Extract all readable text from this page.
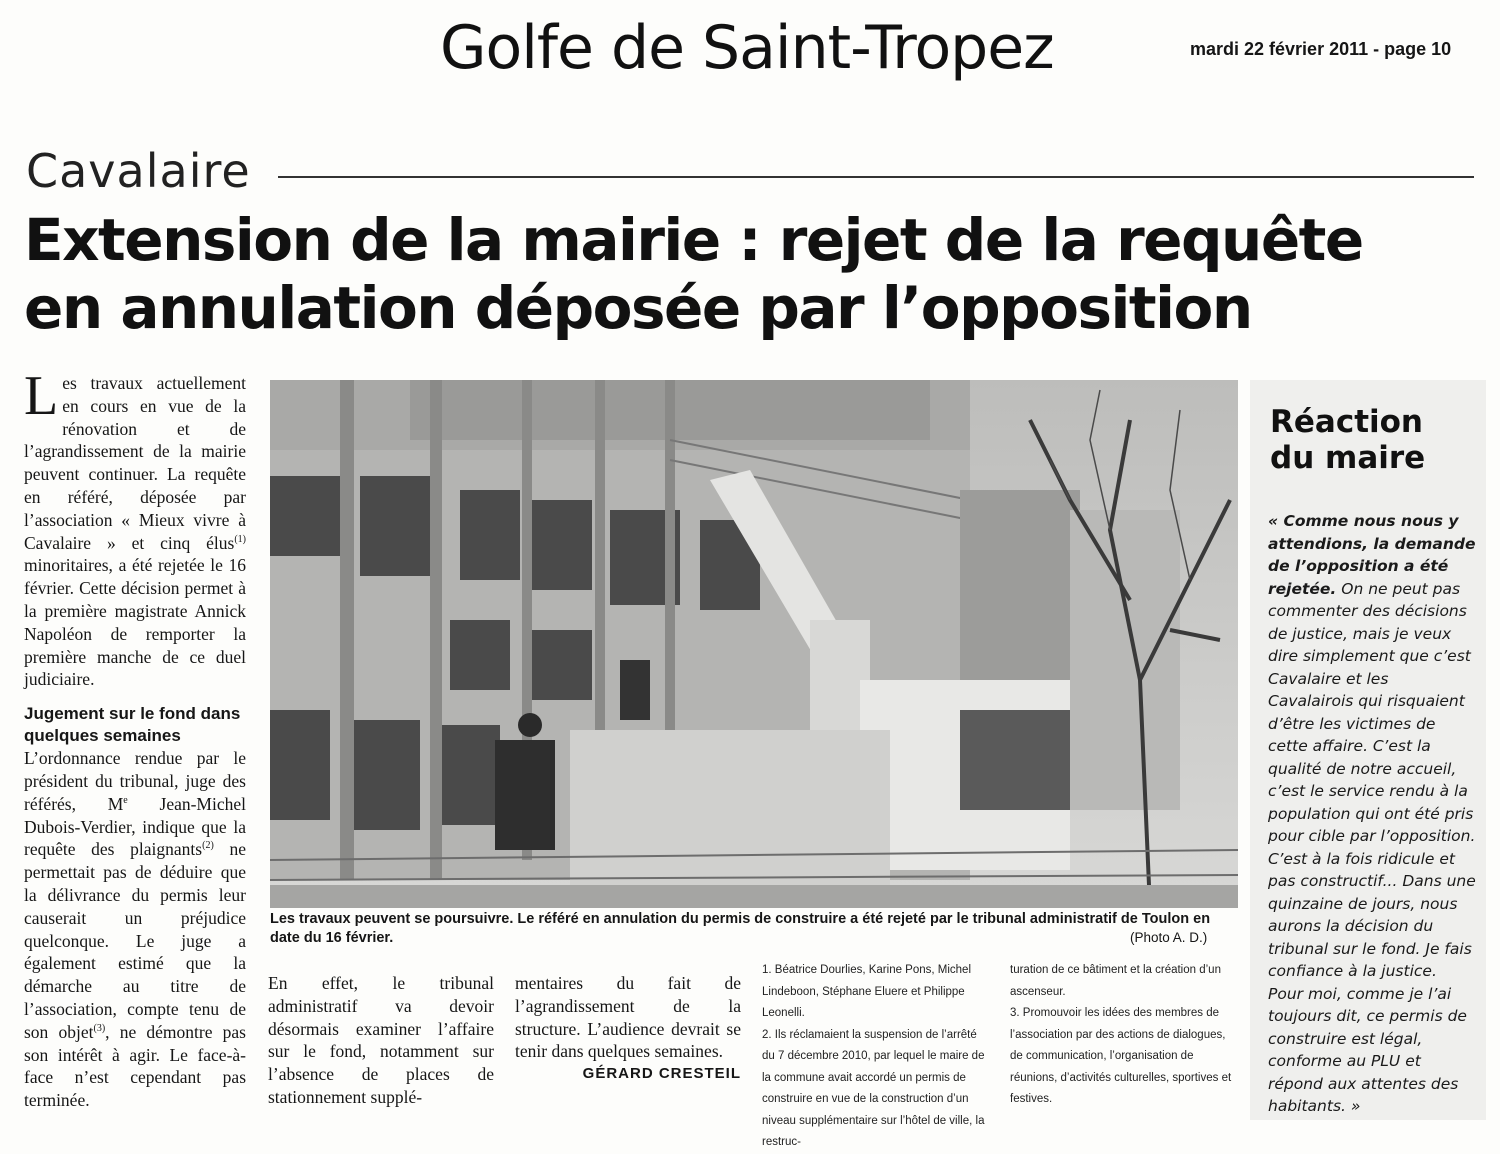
Golfe de Saint-Tropez	mardi 22 février 2011 - page 10
Cavalaire
Extension de la mairie : rejet de la requête
en annulation déposée par l’opposition

Les travaux actuellement en cours en vue de la rénovation et de l’agrandissement de la mairie peuvent continuer. La requête en référé, déposée par l’association « Mieux vivre à Cavalaire » et cinq élus$^{(1)}$ minoritaires, a été rejetée le 16 février. Cette décision permet à la première magistrate Annick Napoléon de remporter la première manche de ce duel judiciaire.

Jugement sur le fond dans quelques semaines

L’ordonnance rendue par le président du tribunal, juge des référés, Me Jean-Michel Dubois-Verdier, indique que la requête des plaignants$^{(2)}$ ne permettait pas de déduire que la délivrance du permis leur causerait un préjudice quelconque. Le juge a également estimé que la démarche au titre de l’association, compte tenu de son objet$^{(3)}$, ne démontre pas son intérêt à agir. Le face-à-face n’est cependant pas terminée.

Les travaux peuvent se poursuivre. Le référé en annulation du permis de construire a été rejeté par le tribunal administratif de Toulon en date du 16 février.	(Photo A. D.)

En effet, le tribunal administratif va devoir désormais examiner l’affaire sur le fond, notamment sur l’absence de places de stationnement supplé-

mentaires du fait de l’agrandissement de la structure. L’audience devrait se tenir dans quelques semaines.

GÉRARD CRESTEIL

1. Béatrice Dourlies, Karine Pons, Michel Lindeboon, Stéphane Eluere et Philippe Leonelli.

2. Ils réclamaient la suspension de l’arrêté du 7 décembre 2010, par lequel le maire de la commune avait accordé un permis de construire en vue de la construction d’un niveau supplémentaire sur l’hôtel de ville, la restruc-

turation de ce bâtiment et la création d’un ascenseur.

3. Promouvoir les idées des membres de l’association par des actions de dialogues, de communication, l’organisation de réunions, d’activités culturelles, sportives et festives.

Réaction
du maire
« Comme nous nous y attendions, la demande de l’opposition a été rejetée. On ne peut pas commenter des décisions de justice, mais je veux dire simplement que c’est Cavalaire et les Cavalairois qui risquaient d’être les victimes de cette affaire. C’est la qualité de notre accueil, c’est le service rendu à la population qui ont été pris pour cible par l’opposition. C’est à la fois ridicule et pas constructif... Dans une quinzaine de jours, nous aurons la décision du tribunal sur le fond. Je fais confiance à la justice. Pour moi, comme je l’ai toujours dit, ce permis de construire est légal, conforme au PLU et répond aux attentes des habitants. »
